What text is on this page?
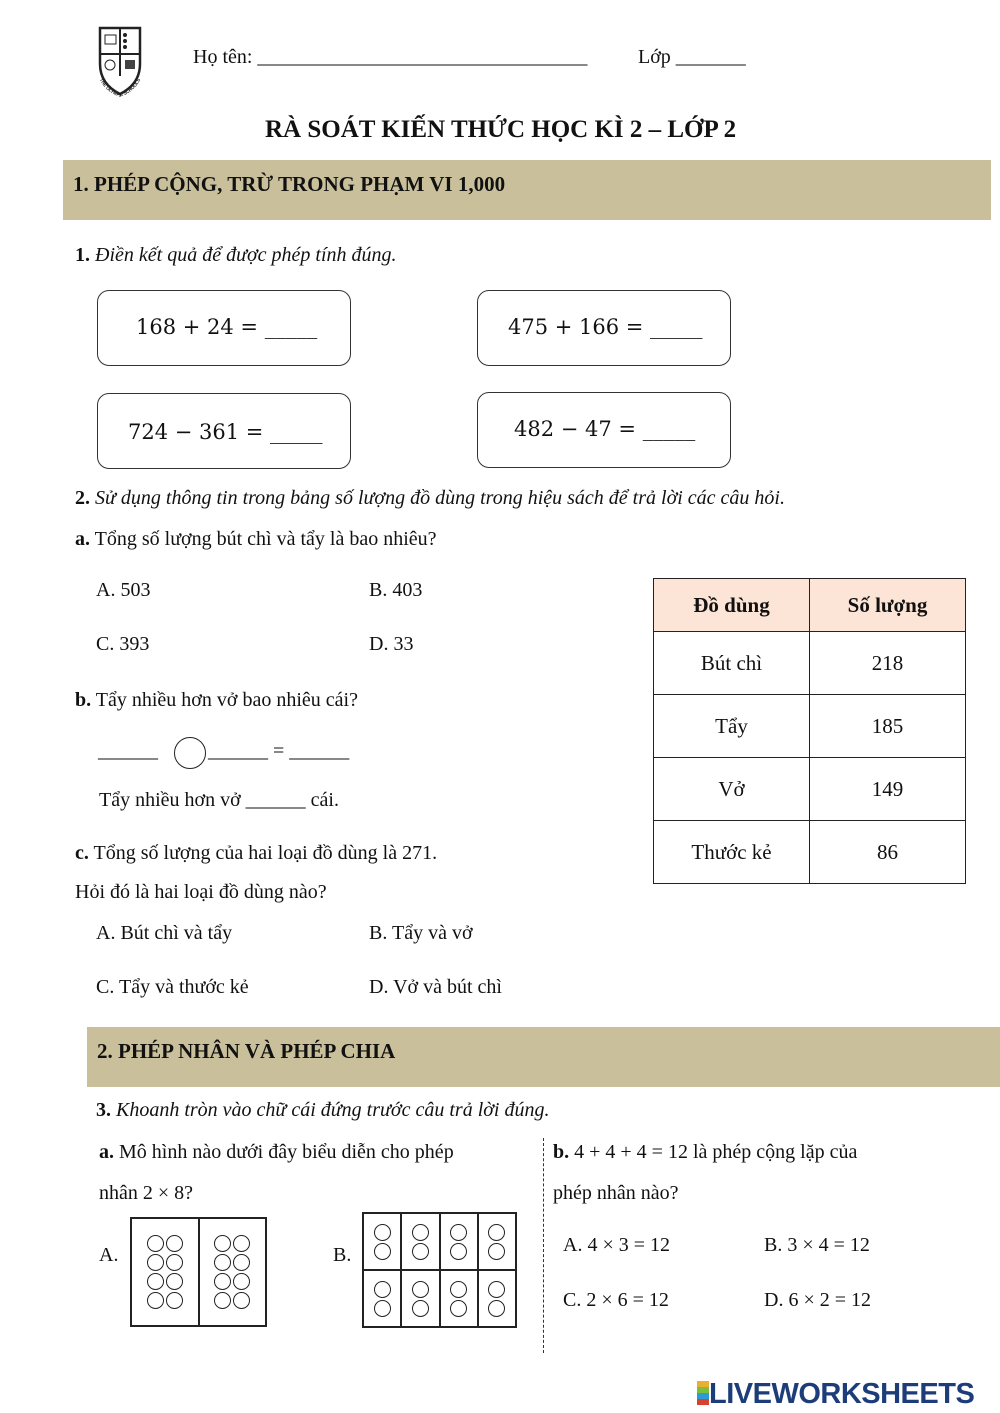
THE OLYMPIA SCHOOLS
Họ tên: _________________________________	Lớp _______
RÀ SOÁT KIẾN THỨC HỌC KÌ 2 – LỚP 2
1. PHÉP CỘNG, TRỪ TRONG PHẠM VI 1,000
1. Điền kết quả để được phép tính đúng.
168 + 24 = _____	475 + 166 = _____
724 − 361 = _____	482 − 47 = _____
2. Sử dụng thông tin trong bảng số lượng đồ dùng trong hiệu sách để trả lời các câu hỏi.
a. Tổng số lượng bút chì và tẩy là bao nhiêu?
A. 503	B. 403
C. 393	D. 33
b. Tẩy nhiều hơn vở bao nhiêu cái?
______	______ = ______
Tẩy nhiều hơn vở ______ cái.
c. Tổng số lượng của hai loại đồ dùng là 271.
Hỏi đó là hai loại đồ dùng nào?
A. Bút chì và tẩy	B. Tẩy và vở
C. Tẩy và thước kẻ	D. Vở và bút chì
Đồ dùng	Số lượng
Bút chì	218
Tẩy	185
Vở	149
Thước kẻ	86
2. PHÉP NHÂN VÀ PHÉP CHIA
3. Khoanh tròn vào chữ cái đứng trước câu trả lời đúng.
a. Mô hình nào dưới đây biểu diễn cho phép
nhân 2 × 8?
A.	B.
b. 4 + 4 + 4 = 12 là phép cộng lặp của
phép nhân nào?
A. 4 × 3 = 12	B. 3 × 4 = 12
C. 2 × 6 = 12	D. 6 × 2 = 12
LIVEWORKSHEETS
